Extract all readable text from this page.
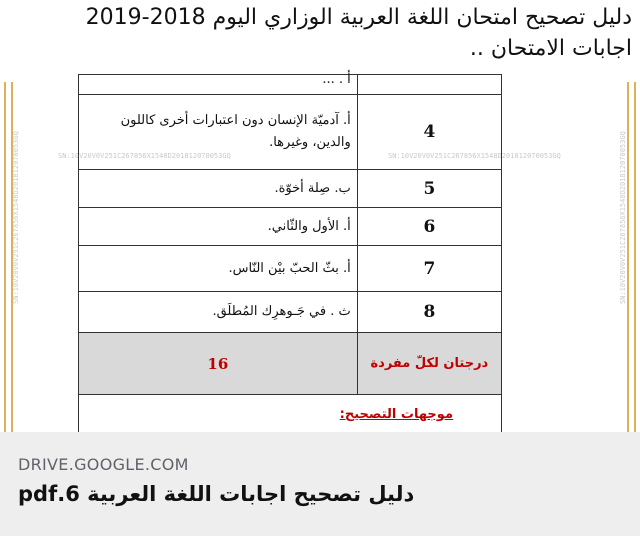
دليل تصحيح امتحان اللغة العربية الوزاري اليوم 2018-2019
اجابات الامتحان ..
SN:10V20V0V251C267856X1548D201812070053GQ	SN:10V20V0V251C267856X1548D201812070053GQ
SN:10V20V0V251C267856X1548D201812070053GQ	SN:10V20V0V251C267856X1548D201812070053GQ

	أ . ...

4	أ. آدميّة الإنسان دون اعتبارات أخرى كاللون والدين، وغيرها.
5	ب. صِلة أخوّة.
6	أ. الأول والثّاني.
7	أ. بثّ الحبّ بيْن النّاس.
8	ث . في جَـوهرِك المُطلَق.
درجتان لكلّ مفردة	16

موجهات التصحيح:	
DRIVE.GOOGLE.COM
دليل تصحيح اجابات اللغة العربية 6.pdf
